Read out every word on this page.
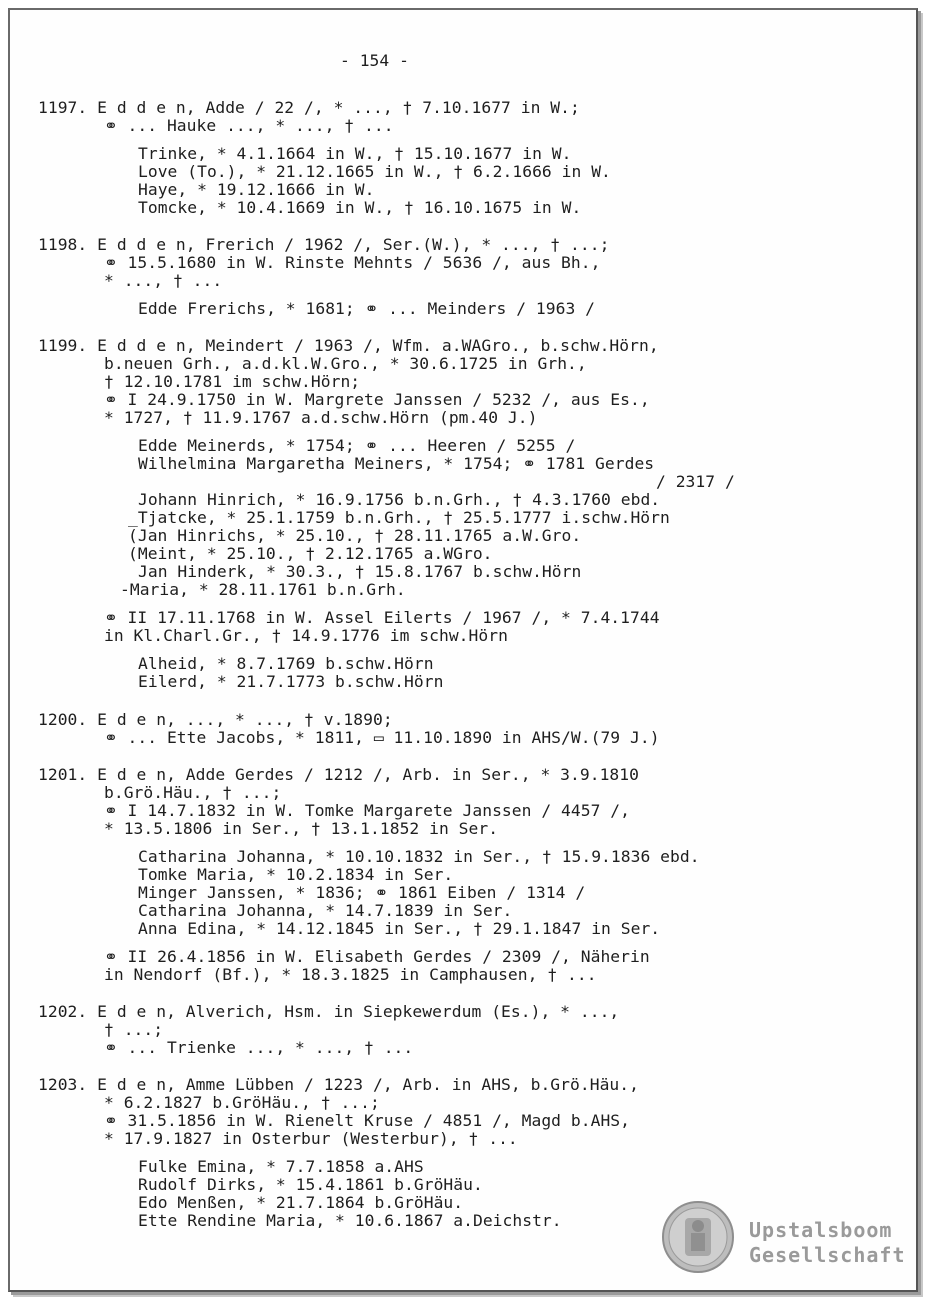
- 154 -
1197. E d d e n, Adde / 22 /, * ..., † 7.10.1677 in W.;
⚭ ... Hauke ..., * ..., † ...
Trinke, * 4.1.1664 in W., † 15.10.1677 in W.
Love (To.), * 21.12.1665 in W., † 6.2.1666 in W.
Haye, * 19.12.1666 in W.
Tomcke, * 10.4.1669 in W., † 16.10.1675 in W.
1198. E d d e n, Frerich / 1962 /, Ser.(W.), * ..., † ...;
⚭ 15.5.1680 in W. Rinste Mehnts / 5636 /, aus Bh.,
* ..., † ...
Edde Frerichs, * 1681; ⚭ ... Meinders / 1963 /
1199. E d d e n, Meindert / 1963 /, Wfm. a.WAGro., b.schw.Hörn,
b.neuen Grh., a.d.kl.W.Gro., * 30.6.1725 in Grh.,
† 12.10.1781 im schw.Hörn;
⚭ I 24.9.1750 in W. Margrete Janssen / 5232 /, aus Es.,
* 1727, † 11.9.1767 a.d.schw.Hörn (pm.40 J.)
Edde Meinerds, * 1754; ⚭ ... Heeren / 5255 /
Wilhelmina Margaretha Meiners, * 1754; ⚭ 1781 Gerdes
/ 2317 /
Johann Hinrich, * 16.9.1756 b.n.Grh., † 4.3.1760 ebd.
_Tjatcke, * 25.1.1759 b.n.Grh., † 25.5.1777 i.schw.Hörn
(Jan Hinrichs, * 25.10., † 28.11.1765 a.W.Gro.
(Meint, * 25.10., † 2.12.1765 a.WGro.
Jan Hinderk, * 30.3., † 15.8.1767 b.schw.Hörn
-Maria, * 28.11.1761 b.n.Grh.
⚭ II 17.11.1768 in W. Assel Eilerts / 1967 /, * 7.4.1744
in Kl.Charl.Gr., † 14.9.1776 im schw.Hörn
Alheid, * 8.7.1769 b.schw.Hörn
Eilerd, * 21.7.1773 b.schw.Hörn
1200. E d e n, ..., * ..., † v.1890;
⚭ ... Ette Jacobs, * 1811, ▭ 11.10.1890 in AHS/W.(79 J.)
1201. E d e n, Adde Gerdes / 1212 /, Arb. in Ser., * 3.9.1810
b.Grö.Häu., † ...;
⚭ I 14.7.1832 in W. Tomke Margarete Janssen / 4457 /,
* 13.5.1806 in Ser., † 13.1.1852 in Ser.
Catharina Johanna, * 10.10.1832 in Ser., † 15.9.1836 ebd.
Tomke Maria, * 10.2.1834 in Ser.
Minger Janssen, * 1836; ⚭ 1861 Eiben / 1314 /
Catharina Johanna, * 14.7.1839 in Ser.
Anna Edina, * 14.12.1845 in Ser., † 29.1.1847 in Ser.
⚭ II 26.4.1856 in W. Elisabeth Gerdes / 2309 /, Näherin
in Nendorf (Bf.), * 18.3.1825 in Camphausen, † ...
1202. E d e n, Alverich, Hsm. in Siepkewerdum (Es.), * ...,
† ...;
⚭ ... Trienke ..., * ..., † ...
1203. E d e n, Amme Lübben / 1223 /, Arb. in AHS, b.Grö.Häu.,
* 6.2.1827 b.GröHäu., † ...;
⚭ 31.5.1856 in W. Rienelt Kruse / 4851 /, Magd b.AHS,
* 17.9.1827 in Osterbur (Westerbur), † ...
Fulke Emina, * 7.7.1858 a.AHS
Rudolf Dirks, * 15.4.1861 b.GröHäu.
Edo Menßen, * 21.7.1864 b.GröHäu.
Ette Rendine Maria, * 10.6.1867 a.Deichstr.	Upstalsboom
Gesellschaft
